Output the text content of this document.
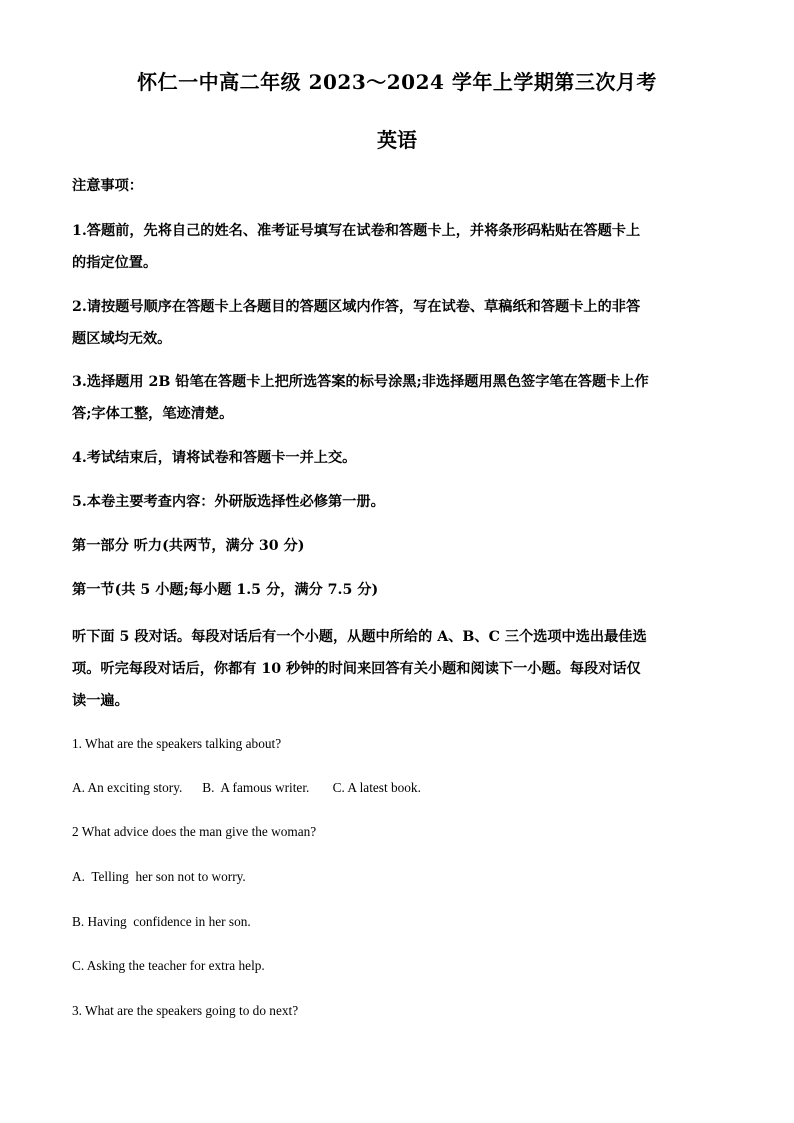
怀仁一中高二年级 2023～2024 学年上学期第三次月考
英语
注意事项：
1.答题前，先将自己的姓名、准考证号填写在试卷和答题卡上，并将条形码粘贴在答题卡上
的指定位置。
2.请按题号顺序在答题卡上各题目的答题区域内作答，写在试卷、草稿纸和答题卡上的非答
题区域均无效。
3.选择题用 2B 铅笔在答题卡上把所选答案的标号涂黑;非选择题用黑色签字笔在答题卡上作
答;字体工整，笔迹清楚。
4.考试结束后，请将试卷和答题卡一并上交。
5.本卷主要考查内容：外研版选择性必修第一册。
第一部分 听力(共两节，满分 30 分)
第一节(共 5 小题;每小题 1.5 分，满分 7.5 分)
听下面 5 段对话。每段对话后有一个小题，从题中所给的 A、B、C 三个选项中选出最佳选
项。听完每段对话后，你都有 10 秒钟的时间来回答有关小题和阅读下一小题。每段对话仅
读一遍。
1. What are the speakers talking about?
A. An exciting story.      B.  A famous writer.       C. A latest book.
2 What advice does the man give the woman?
A.  Telling  her son not to worry.
B. Having  confidence in her son.
C. Asking the teacher for extra help.
3. What are the speakers going to do next?
